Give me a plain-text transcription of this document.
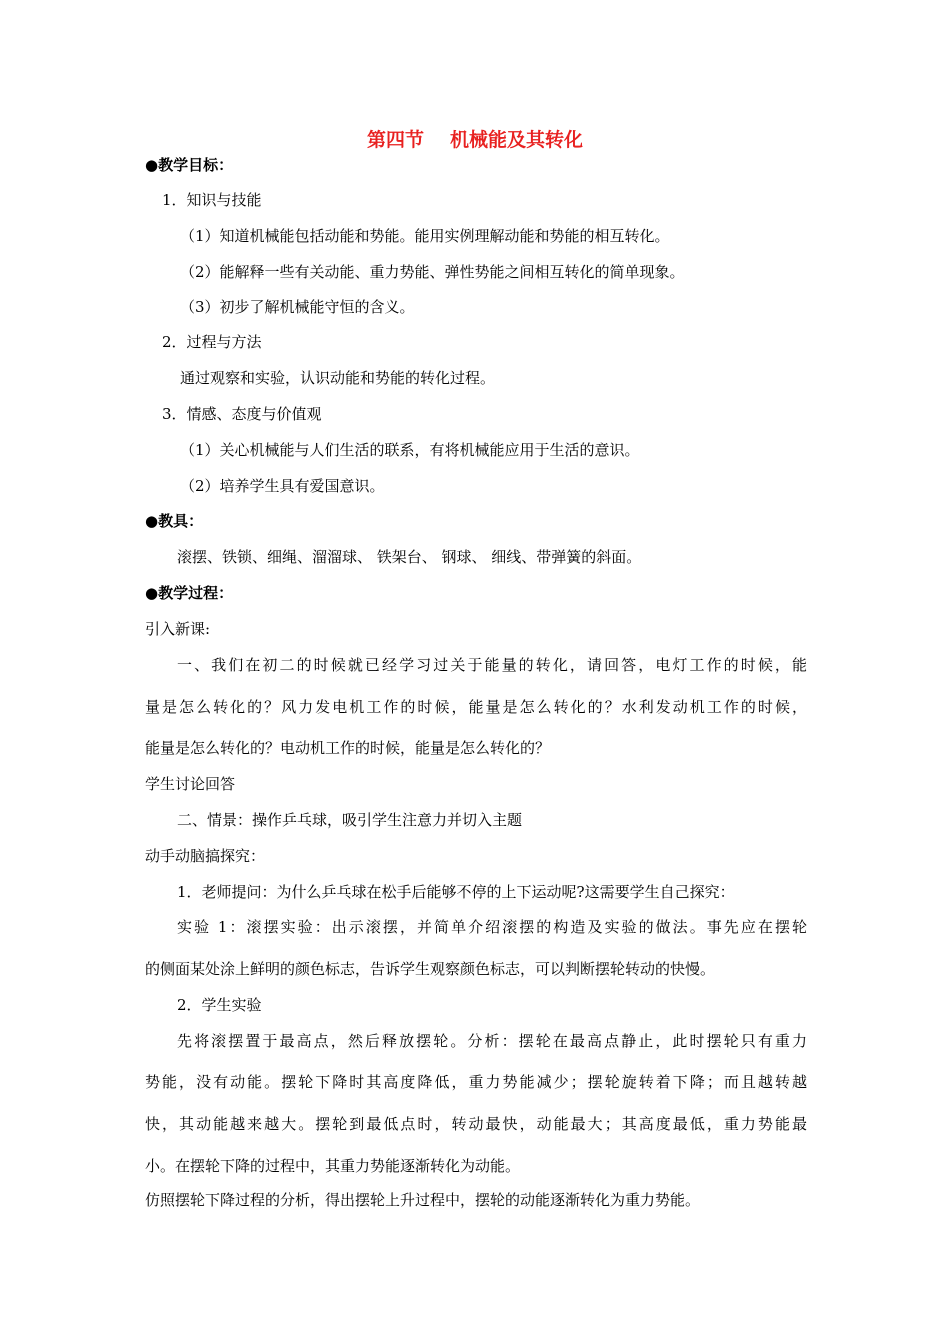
第四节 机械能及其转化
●教学目标：
1．知识与技能
（1）知道机械能包括动能和势能。能用实例理解动能和势能的相互转化。
（2）能解释一些有关动能、重力势能、弹性势能之间相互转化的简单现象。
（3）初步了解机械能守恒的含义。
2．过程与方法
通过观察和实验，认识动能和势能的转化过程。
3．情感、态度与价值观
（1）关心机械能与人们生活的联系，有将机械能应用于生活的意识。
（2）培养学生具有爱国意识。
●教具：
滚摆、铁锁、细绳、溜溜球、 铁架台、 钢球、 细线、带弹簧的斜面。
●教学过程：
引入新课:
一、我们在初二的时候就已经学习过关于能量的转化，请回答，电灯工作的时候，能
量是怎么转化的？风力发电机工作的时候，能量是怎么转化的？水利发动机工作的时候，
能量是怎么转化的？电动机工作的时候，能量是怎么转化的？
学生讨论回答
二、情景：操作乒乓球，吸引学生注意力并切入主题
动手动脑搞探究：
1．老师提问：为什么乒乓球在松手后能够不停的上下运动呢?这需要学生自己探究：
实验 1：滚摆实验：出示滚摆，并简单介绍滚摆的构造及实验的做法。事先应在摆轮
的侧面某处涂上鲜明的颜色标志，告诉学生观察颜色标志，可以判断摆轮转动的快慢。
2．学生实验
先将滚摆置于最高点，然后释放摆轮。分析：摆轮在最高点静止，此时摆轮只有重力
势能，没有动能。摆轮下降时其高度降低，重力势能减少；摆轮旋转着下降；而且越转越
快，其动能越来越大。摆轮到最低点时，转动最快，动能最大；其高度最低，重力势能最
小。在摆轮下降的过程中，其重力势能逐渐转化为动能。
仿照摆轮下降过程的分析，得出摆轮上升过程中，摆轮的动能逐渐转化为重力势能。
